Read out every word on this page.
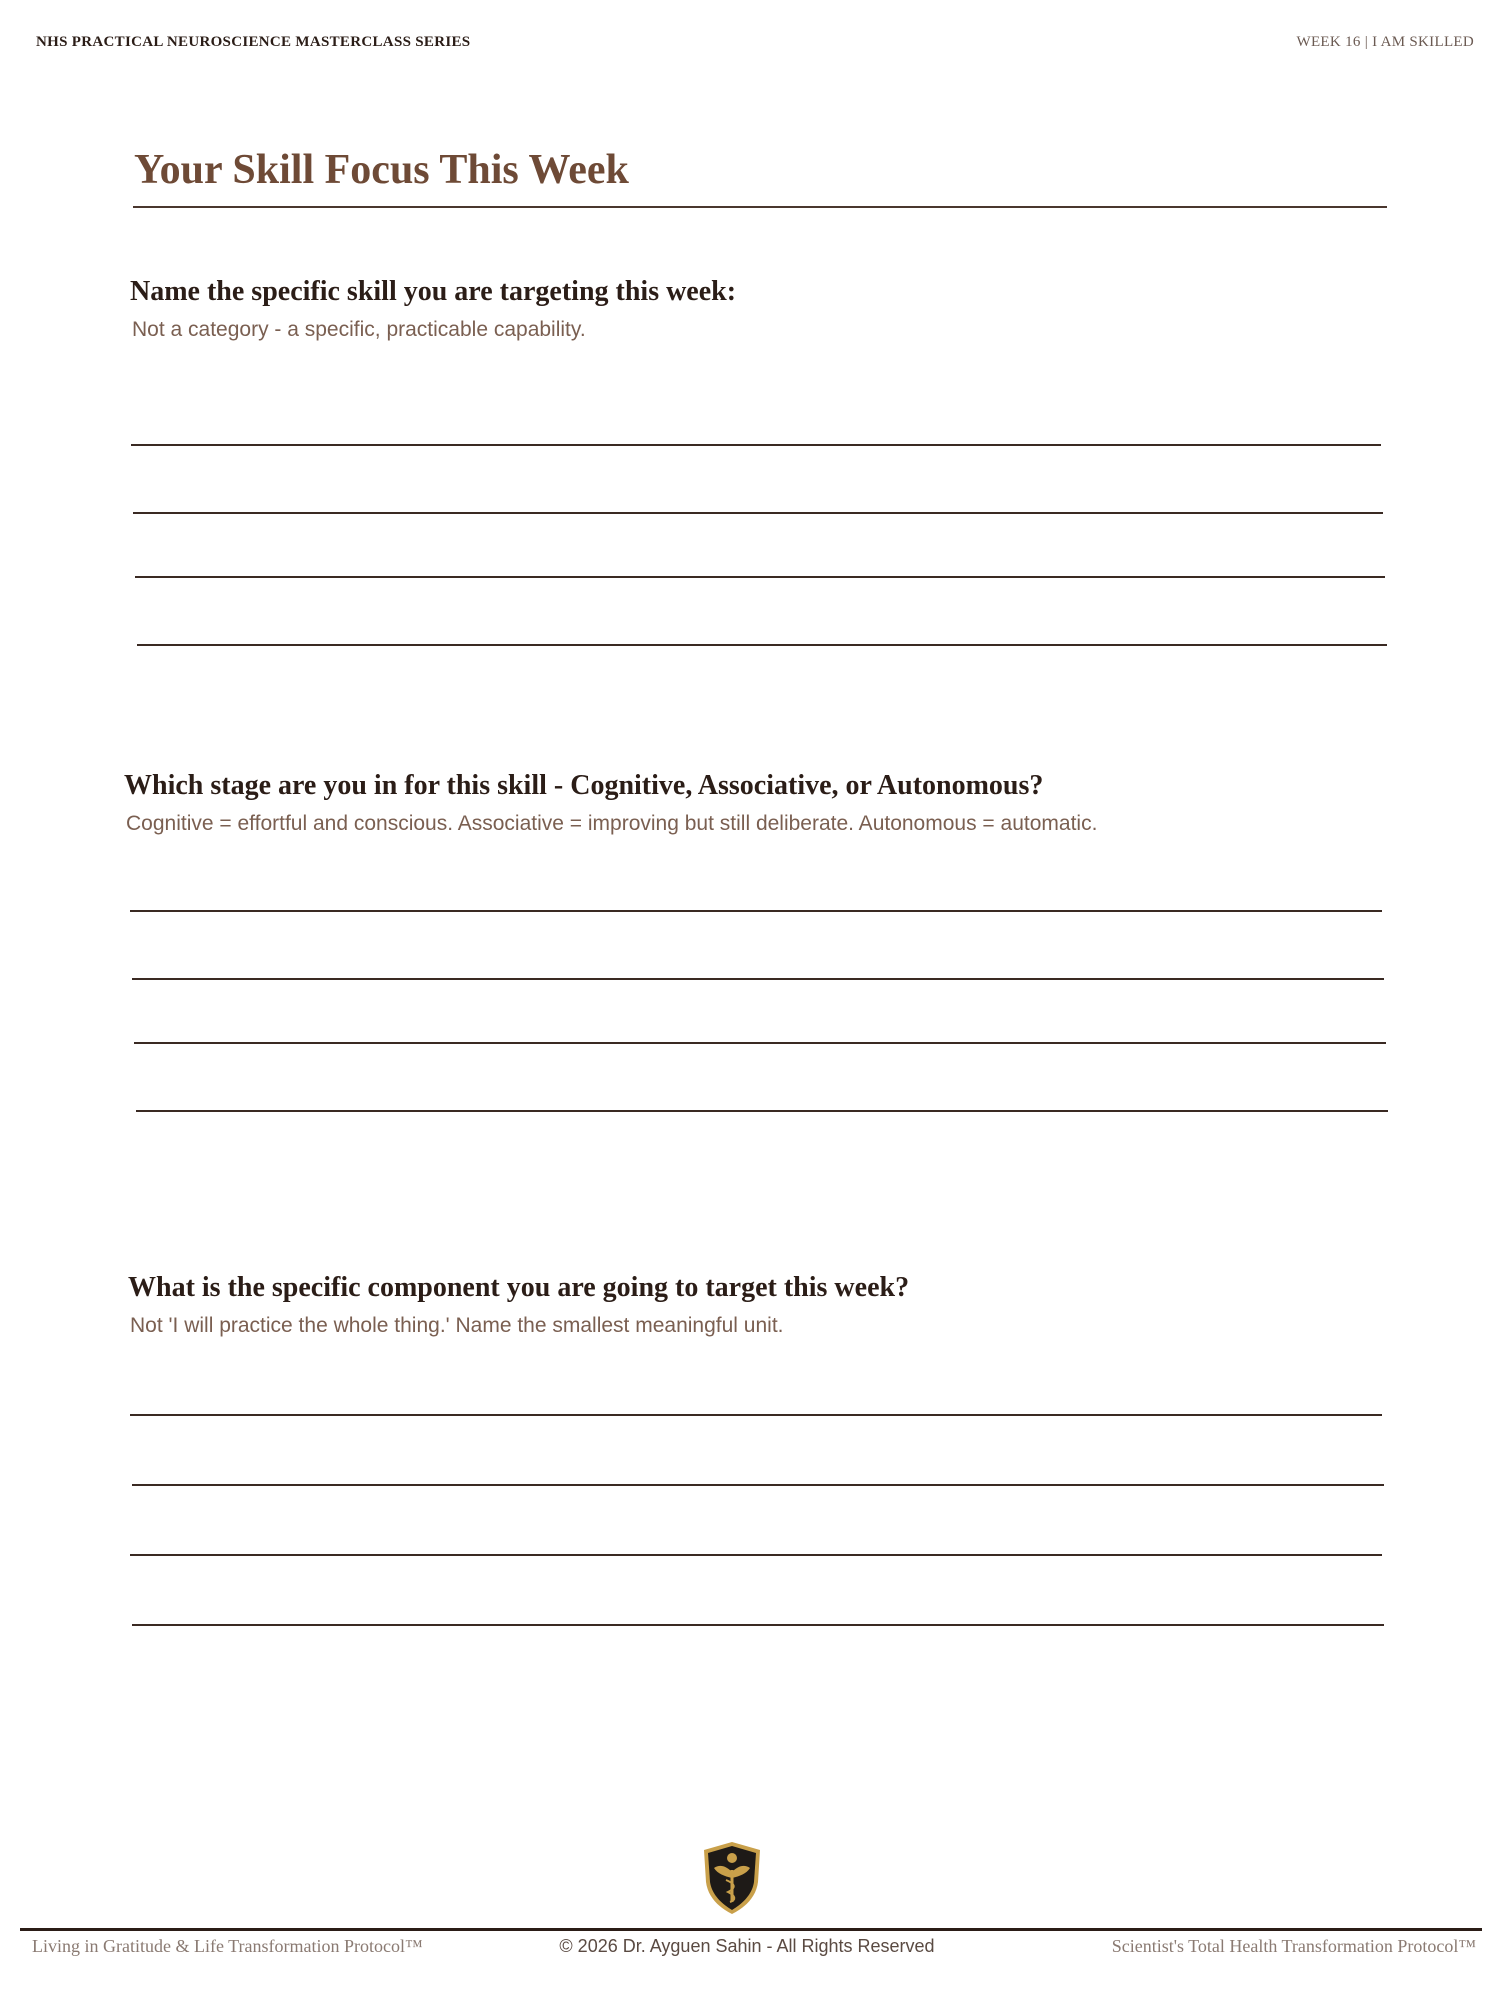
NHS PRACTICAL NEUROSCIENCE MASTERCLASS SERIES	WEEK 16 | I AM SKILLED
Your Skill Focus This Week
Name the specific skill you are targeting this week:
Not a category - a specific, practicable capability.
Which stage are you in for this skill - Cognitive, Associative, or Autonomous?
Cognitive = effortful and conscious. Associative = improving but still deliberate. Autonomous = automatic.
What is the specific component you are going to target this week?
Not 'I will practice the whole thing.' Name the smallest meaningful unit.
Living in Gratitude & Life Transformation Protocol™	© 2026 Dr. Ayguen Sahin - All Rights Reserved	Scientist's Total Health Transformation Protocol™
